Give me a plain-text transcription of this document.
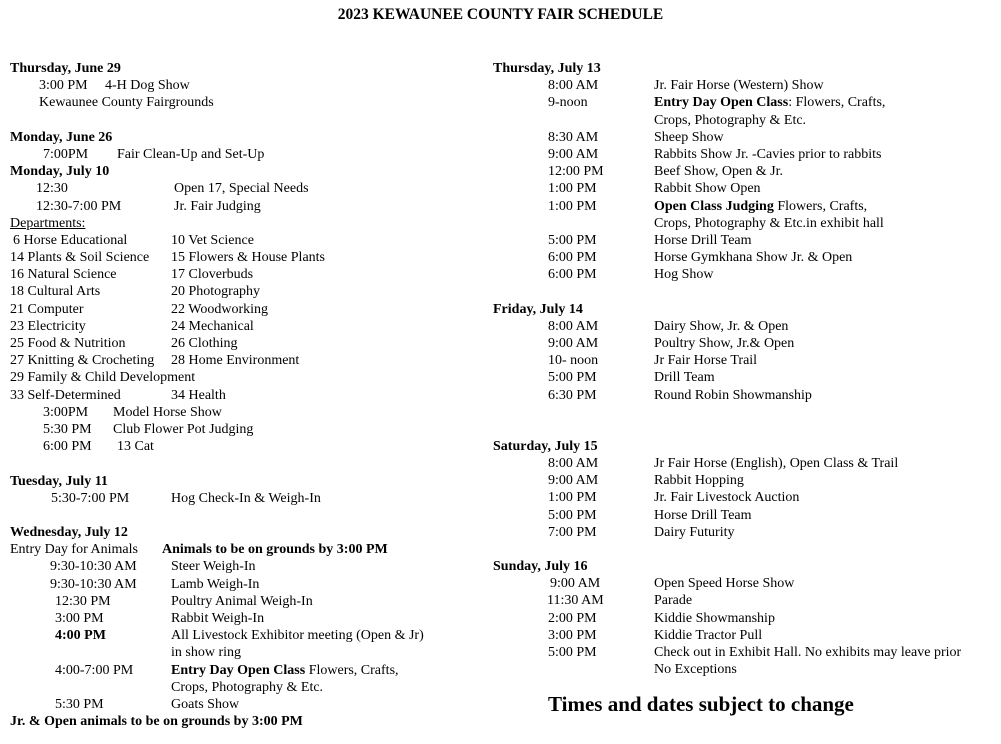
2023 KEWAUNEE COUNTY FAIR SCHEDULE
Thursday, June 29
3:00 PM 4-H Dog Show
Kewaunee County Fairgrounds
Monday, June 26
7:00PM Fair Clean-Up and Set-Up
Monday, July 10
12:30	Open 17, Special Needs
12:30-7:00 PM	Jr. Fair Judging
Departments:
6 Horse Educational	10 Vet Science
14 Plants & Soil Science 15 Flowers & House Plants
16 Natural Science	17 Cloverbuds
18 Cultural Arts	20 Photography
21 Computer	22 Woodworking
23 Electricity	24 Mechanical
25 Food & Nutrition	26 Clothing
27 Knitting & Crocheting 28 Home Environment
29 Family & Child Development
33 Self-Determined	34 Health
3:00PM Model Horse Show
5:30 PM Club Flower Pot Judging
6:00 PM 13 Cat
Tuesday, July 11
5:30-7:00 PM	Hog Check-In & Weigh-In
Wednesday, July 12
Entry Day for Animals Animals to be on grounds by 3:00 PM
9:30-10:30 AM Steer Weigh-In
9:30-10:30 AM Lamb Weigh-In
12:30 PM	Poultry Animal Weigh-In
3:00 PM	Rabbit Weigh-In
4:00 PM	All Livestock Exhibitor meeting (Open & Jr)
in show ring
4:00-7:00 PM	Entry Day Open Class Flowers, Crafts,
Crops, Photography & Etc.
5:30 PM	Goats Show
Jr. & Open animals to be on grounds by 3:00 PM
Thursday, July 13
8:00 AM	Jr. Fair Horse (Western) Show
9-noon	Entry Day Open Class: Flowers, Crafts,
Crops, Photography & Etc.
8:30 AM	Sheep Show
9:00 AM	Rabbits Show Jr. -Cavies prior to rabbits
12:00 PM	Beef Show, Open & Jr.
1:00 PM	Rabbit Show Open
1:00 PM	Open Class Judging Flowers, Crafts,
Crops, Photography & Etc.in exhibit hall
5:00 PM	Horse Drill Team
6:00 PM	Horse Gymkhana Show Jr. & Open
6:00 PM	Hog Show
Friday, July 14
8:00 AM	Dairy Show, Jr. & Open
9:00 AM	Poultry Show, Jr.& Open
10- noon	Jr Fair Horse Trail
5:00 PM	Drill Team
6:30 PM	Round Robin Showmanship
Saturday, July 15
8:00 AM	Jr Fair Horse (English), Open Class & Trail
9:00 AM	Rabbit Hopping
1:00 PM	Jr. Fair Livestock Auction
5:00 PM	Horse Drill Team
7:00 PM	Dairy Futurity
Sunday, July 16
9:00 AM	Open Speed Horse Show
11:30 AM	Parade
2:00 PM	Kiddie Showmanship
3:00 PM	Kiddie Tractor Pull
5:00 PM	Check out in Exhibit Hall. No exhibits may leave prior
No Exceptions
Times and dates subject to change
